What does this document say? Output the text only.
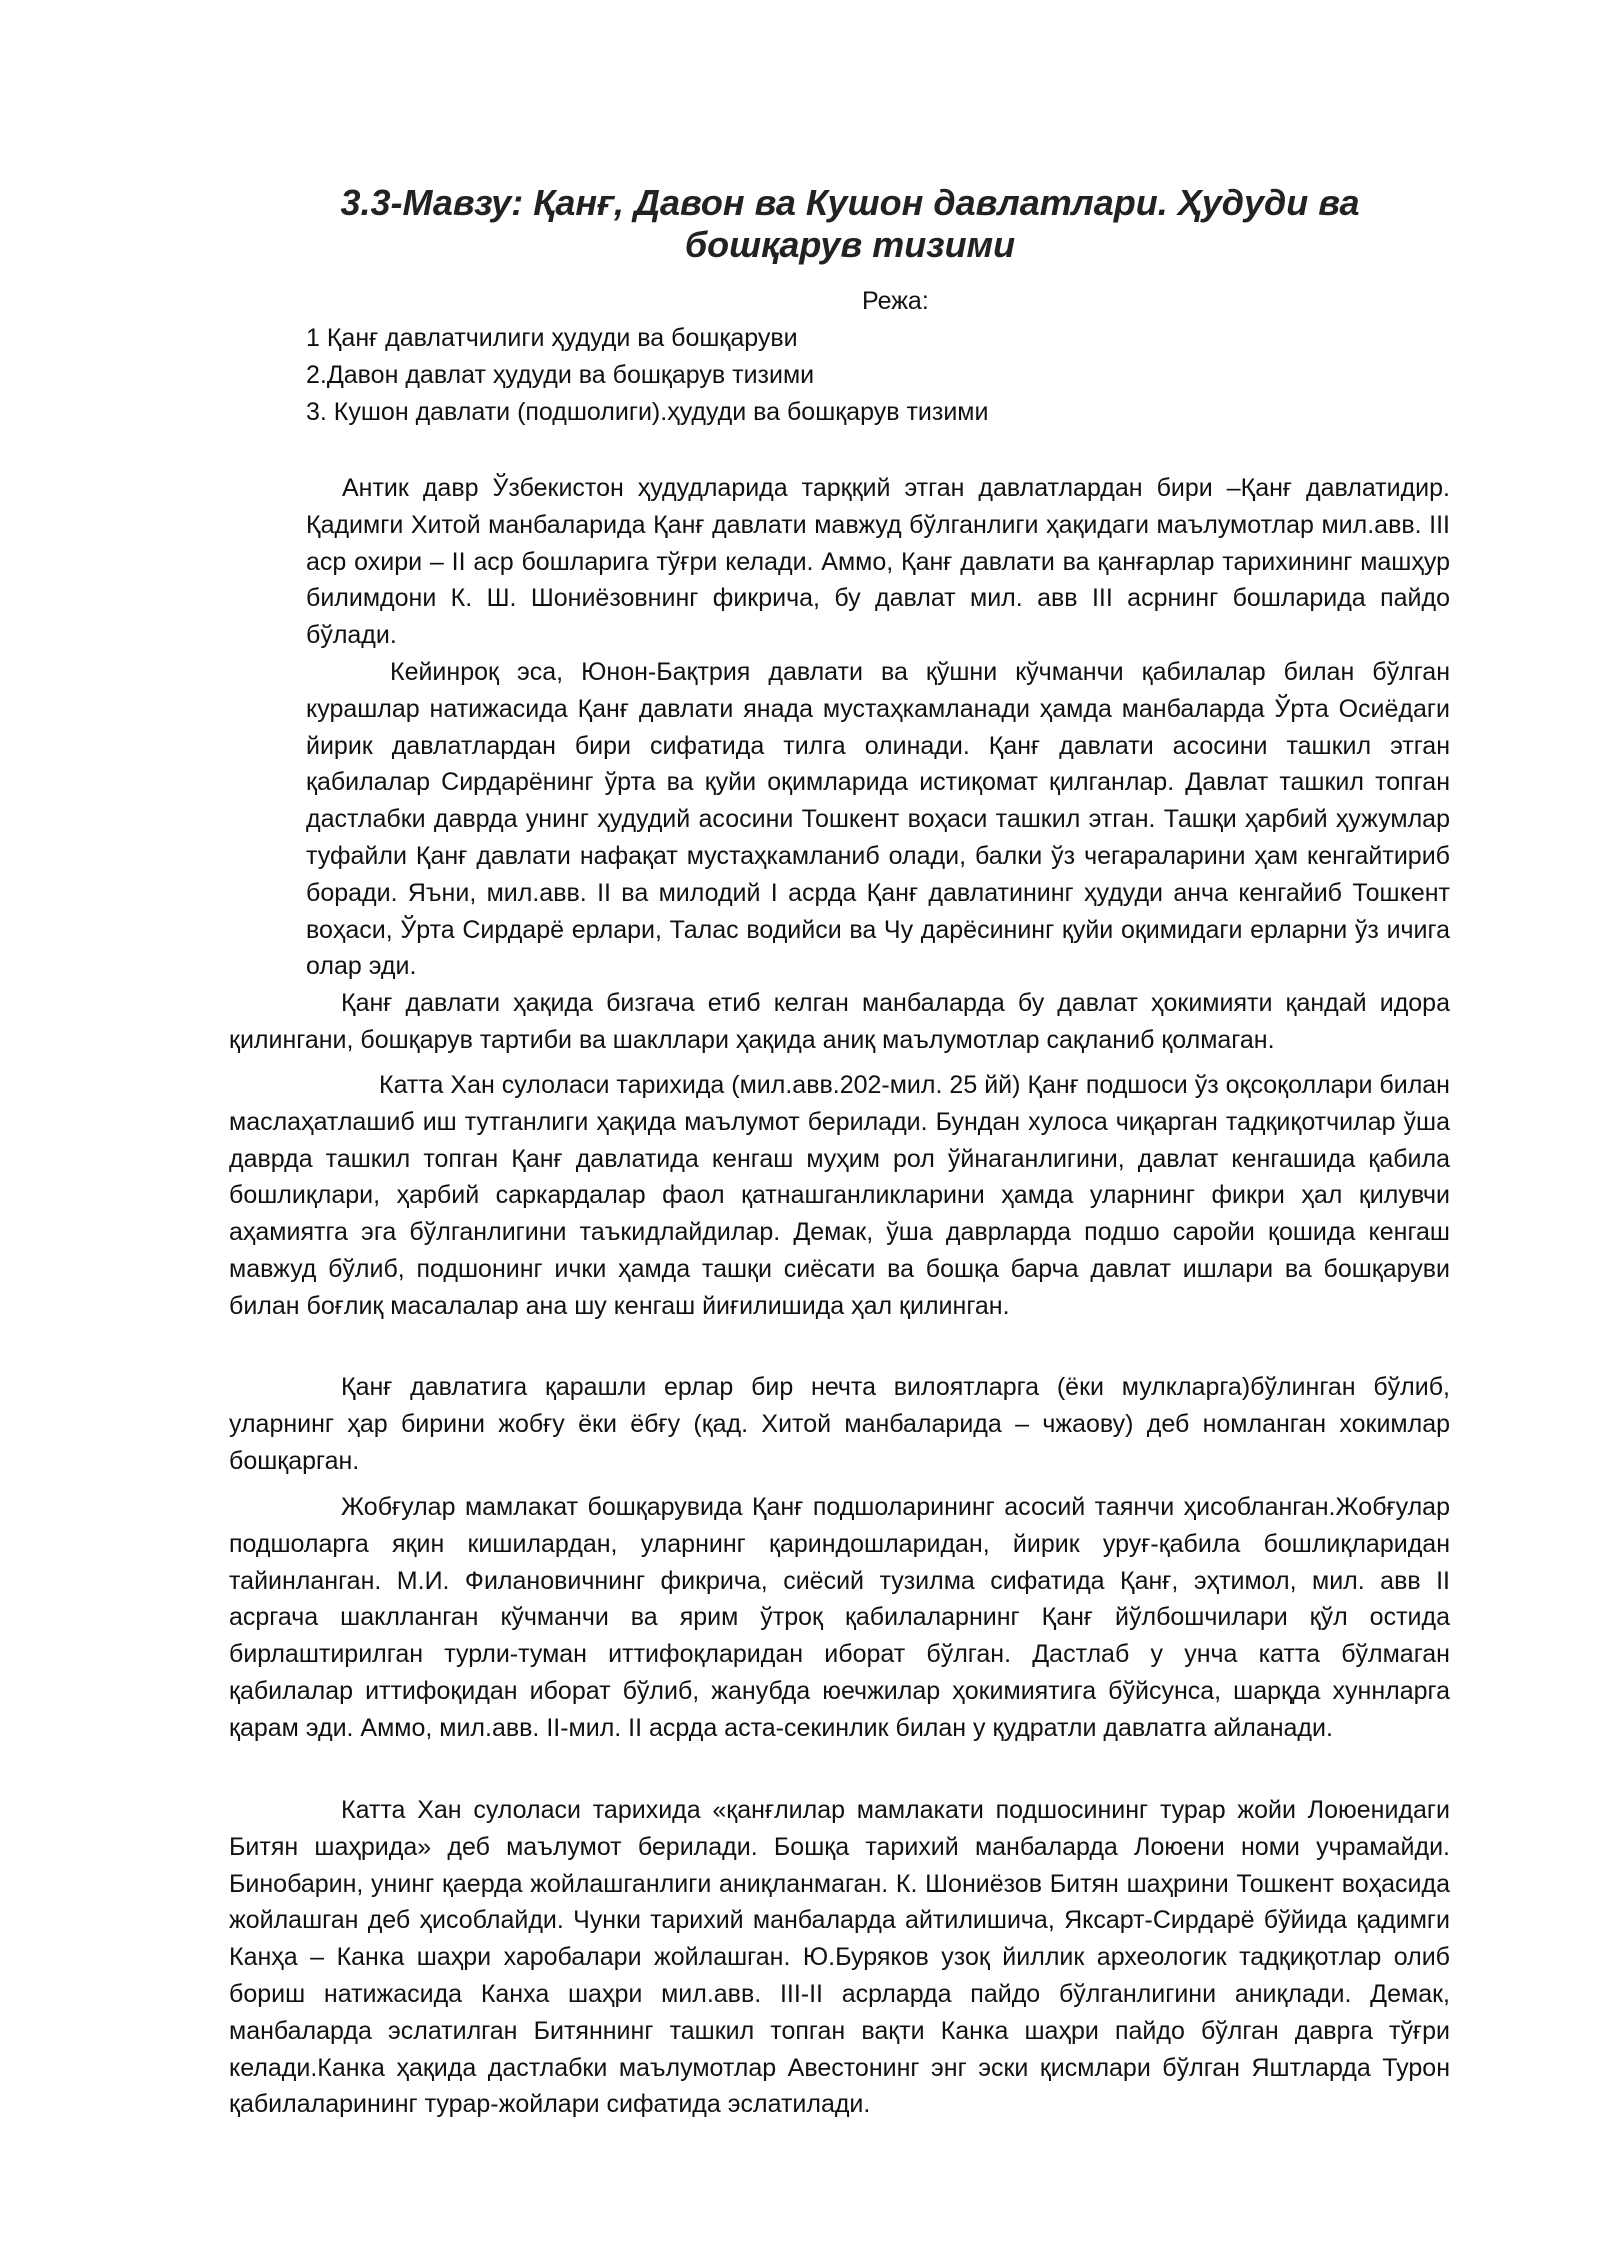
3.3-Мавзу: Қанғ, Давон ва Кушон давлатлари. Ҳудуди ва бошқарув тизими
Режа:
1 Қанғ давлатчилиги ҳудуди ва бошқаруви
2.Давон давлат ҳудуди ва бошқарув тизими
3. Кушон давлати (подшолиги).ҳудуди ва бошқарув тизими

Антик давр Ўзбекистон ҳудудларида тарққий этган давлатлардан бири –Қанғ давлатидир. Қадимги Хитой манбаларида Қанғ давлати мавжуд бўлганлиги ҳақидаги маълумотлар мил.авв. III аср охири – II аср бошларига тўғри келади. Аммо, Қанғ давлати ва қанғарлар тарихининг машҳур билимдони К. Ш. Шониёзовнинг фикрича, бу давлат мил. авв III асрнинг бошларида пайдо бўлади.

Кейинроқ эса, Юнон-Бақтрия давлати ва қўшни кўчманчи қабилалар билан бўлган курашлар натижасида Қанғ давлати янада мустаҳкамланади ҳамда манбаларда Ўрта Осиёдаги йирик давлатлардан бири сифатида тилга олинади. Қанғ давлати асосини ташкил этган қабилалар Сирдарёнинг ўрта ва қуйи оқимларида истиқомат қилганлар. Давлат ташкил топган дастлабки даврда унинг ҳудудий асосини Тошкент воҳаси ташкил этган. Ташқи ҳарбий ҳужумлар туфайли Қанғ давлати нафақат мустаҳкамланиб олади, балки ўз чегараларини ҳам кенгайтириб боради. Яъни, мил.авв. II ва милодий I асрда Қанғ давлатининг ҳудуди анча кенгайиб Тошкент воҳаси, Ўрта Сирдарё ерлари, Талас водийси ва Чу дарёсининг қуйи оқимидаги ерларни ўз ичига олар эди.

Қанғ давлати ҳақида бизгача етиб келган манбаларда бу давлат ҳокимияти қандай идора қилингани, бошқарув тартиби ва шакллари ҳақида аниқ маълумотлар сақланиб қолмаган.

Катта Хан сулоласи тарихида (мил.авв.202-мил. 25 йй) Қанғ подшоси ўз оқсоқоллари билан маслаҳатлашиб иш тутганлиги ҳақида маълумот берилади. Бундан хулоса чиқарган тадқиқотчилар ўша даврда ташкил топган Қанғ давлатида кенгаш муҳим рол ўйнаганлигини, давлат кенгашида қабила бошлиқлари, ҳарбий саркардалар фаол қатнашганликларини ҳамда уларнинг фикри ҳал қилувчи аҳамиятга эга бўлганлигини таъкидлайдилар. Демак, ўша даврларда подшо саройи қошида кенгаш мавжуд бўлиб, подшонинг ички ҳамда ташқи сиёсати ва бошқа барча давлат ишлари ва бошқаруви билан боғлиқ масалалар ана шу кенгаш йиғилишида ҳал қилинган.

Қанғ давлатига қарашли ерлар бир нечта вилоятларга (ёки мулкларга)бўлинган бўлиб, уларнинг ҳар бирини жобғу ёки ёбғу (қад. Хитой манбаларида – чжаову) деб номланган хокимлар бошқарган.

Жобғулар мамлакат бошқарувида Қанғ подшоларининг асосий таянчи ҳисобланган.Жобғулар подшоларга яқин кишилардан, уларнинг қариндошларидан, йирик уруғ-қабила бошлиқларидан тайинланган. М.И. Филановичнинг фикрича, сиёсий тузилма сифатида Қанғ, эҳтимол, мил. авв II асргача шаклланган кўчманчи ва ярим ўтроқ қабилаларнинг Қанғ йўлбошчилари қўл остида бирлаштирилган турли-туман иттифоқларидан иборат бўлган. Дастлаб у унча катта бўлмаган қабилалар иттифоқидан иборат бўлиб, жанубда юечжилар ҳокимиятига бўйсунса, шарқда хуннларга қарам эди. Аммо, мил.авв. II-мил. II асрда аста-секинлик билан у қудратли давлатга айланади.

Катта Хан сулоласи тарихида «қанғлилар мамлакати подшосининг турар жойи Лоюенидаги Битян шаҳрида» деб маълумот берилади. Бошқа тарихий манбаларда Лоюени номи учрамайди. Бинобарин, унинг қаерда жойлашганлиги аниқланмаган. К. Шониёзов Битян шаҳрини Тошкент воҳасида жойлашган деб ҳисоблайди. Чунки тарихий манбаларда айтилишича, Яксарт-Сирдарё бўйида қадимги Канҳа – Канка шаҳри харобалари жойлашган. Ю.Буряков узоқ йиллик археологик тадқиқотлар олиб бориш натижасида Канха шаҳри мил.авв. III-II асрларда пайдо бўлганлигини аниқлади. Демак, манбаларда эслатилган Битяннинг ташкил топган вақти Канка шаҳри пайдо бўлган даврга тўғри келади.Канка ҳақида дастлабки маълумотлар Авестонинг энг эски қисмлари бўлган Яштларда Турон қабилаларининг турар-жойлари сифатида эслатилади.
